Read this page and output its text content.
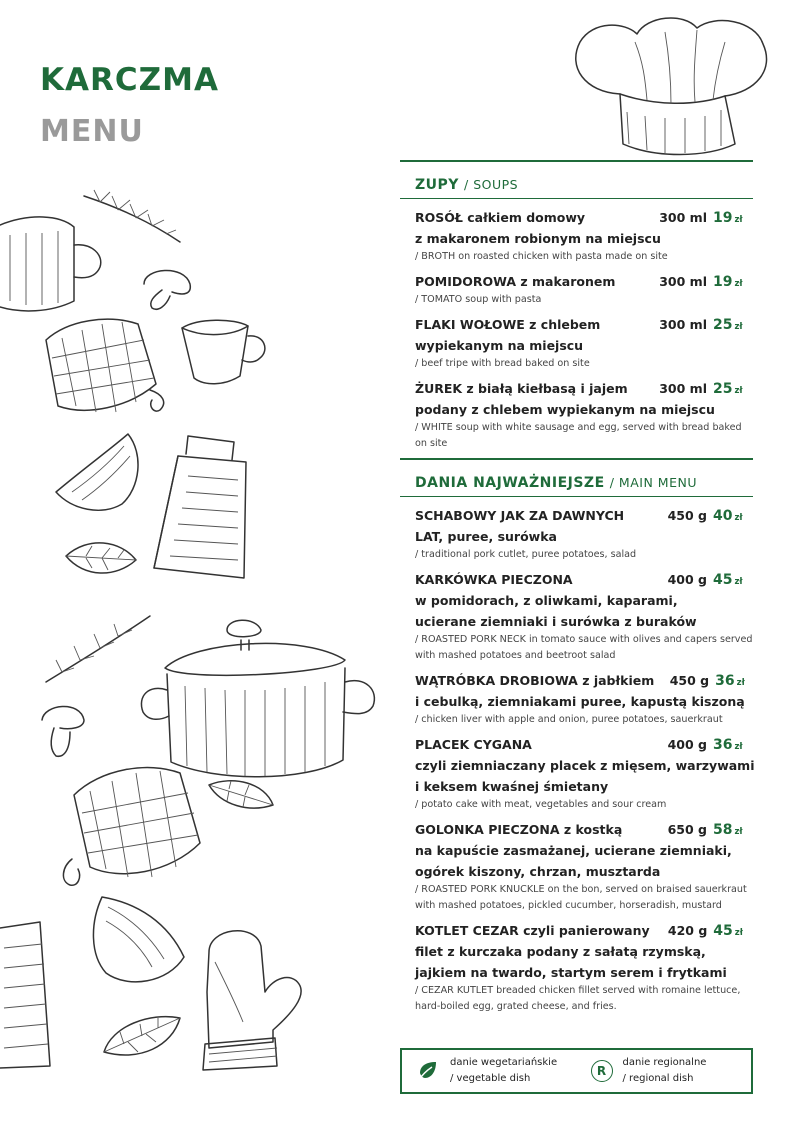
KARCZMA
MENU
ZUPY / SOUPS
ROSÓŁ całkiem domowy	300 ml 19 zł
z makaronem robionym na miejscu
/ BROTH on roasted chicken with pasta made on site
POMIDOROWA z makaronem	300 ml 19 zł
/ TOMATO soup with pasta
FLAKI WOŁOWE z chlebem	300 ml 25 zł
wypiekanym na miejscu
/ beef tripe with bread baked on site
ŻUREK z białą kiełbasą i jajem	300 ml 25 zł
podany z chlebem wypiekanym na miejscu
/ WHITE soup with white sausage and egg, served with bread baked on site
DANIA NAJWAŻNIEJSZE / MAIN MENU
SCHABOWY JAK ZA DAWNYCH	450 g 40 zł
LAT, puree, surówka
/ traditional pork cutlet, puree potatoes, salad
KARKÓWKA PIECZONA	400 g 45 zł
w pomidorach, z oliwkami, kaparami,
ucierane ziemniaki i surówka z buraków
/ ROASTED PORK NECK in tomato sauce with olives and capers served with mashed potatoes and beetroot salad
WĄTRÓBKA DROBIOWA z jabłkiem	450 g 36 zł
i cebulką, ziemniakami puree, kapustą kiszoną
/ chicken liver with apple and onion, puree potatoes, sauerkraut
PLACEK CYGANA	400 g 36 zł
czyli ziemniaczany placek z mięsem, warzywami
i keksem kwaśnej śmietany
/ potato cake with meat, vegetables and sour cream
GOLONKA PIECZONA z kostką	650 g 58 zł
na kapuście zasmażanej, ucierane ziemniaki,
ogórek kiszony, chrzan, musztarda
/ ROASTED PORK KNUCKLE on the bon, served on braised sauerkraut with mashed potatoes, pickled cucumber, horseradish, mustard
KOTLET CEZAR czyli panierowany	420 g 45 zł
filet z kurczaka podany z sałatą rzymską,
jajkiem na twardo, startym serem i frytkami
/ CEZAR KUTLET breaded chicken fillet served with romaine lettuce, hard-boiled egg, grated cheese, and fries.
danie wegetariańskie
/ vegetable dish
R
danie regionalne
/ regional dish
